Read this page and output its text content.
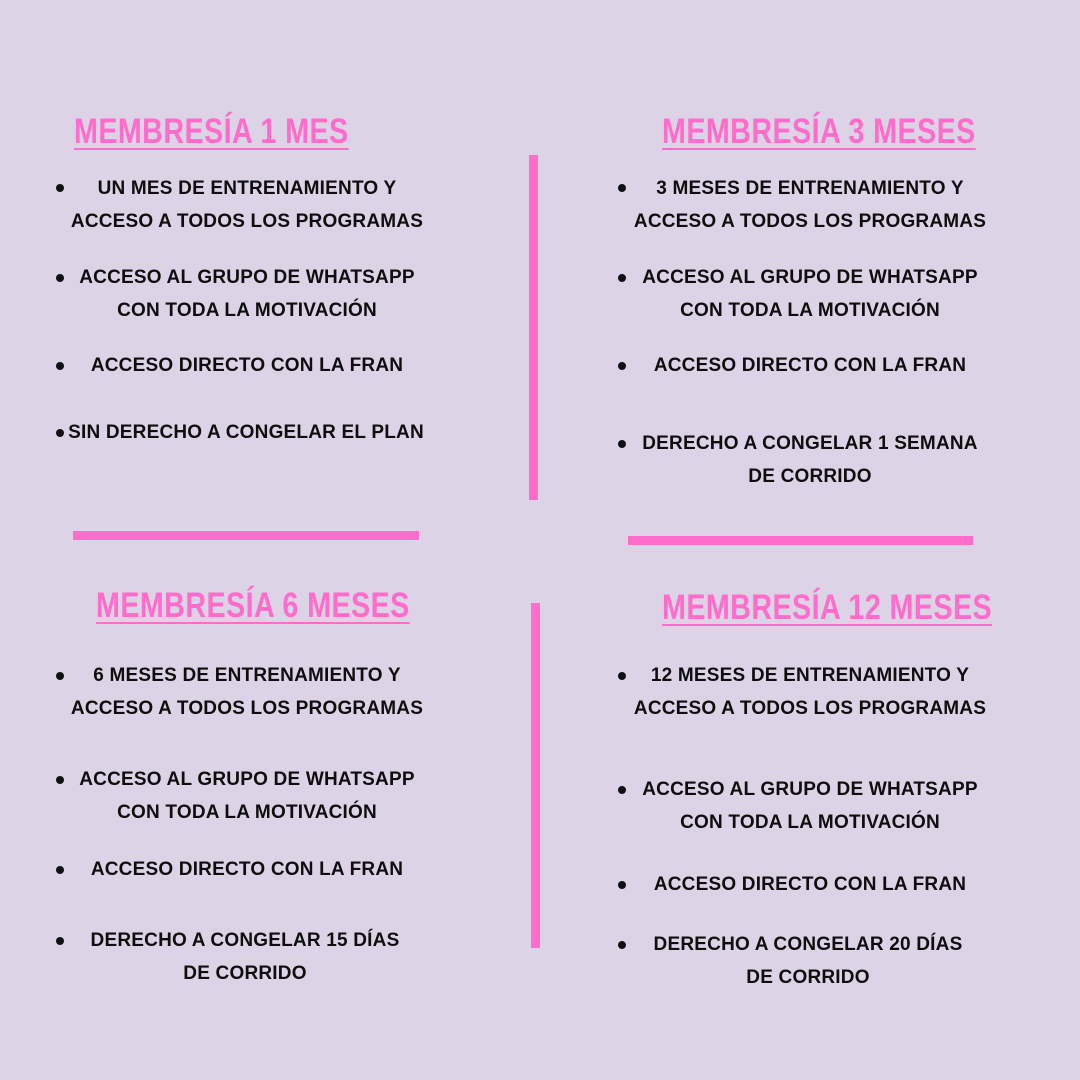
MEMBRESÍA 1 MES
UN MES DE ENTRENAMIENTO Y
ACCESO A TODOS LOS PROGRAMAS
ACCESO AL GRUPO DE WHATSAPP
CON TODA LA MOTIVACIÓN
ACCESO DIRECTO CON LA FRAN
SIN DERECHO A CONGELAR EL PLAN
MEMBRESÍA 3 MESES
3 MESES DE ENTRENAMIENTO Y
ACCESO A TODOS LOS PROGRAMAS
ACCESO AL GRUPO DE WHATSAPP
CON TODA LA MOTIVACIÓN
ACCESO DIRECTO CON LA FRAN
DERECHO A CONGELAR 1 SEMANA
DE CORRIDO
MEMBRESÍA 6 MESES
6 MESES DE ENTRENAMIENTO Y
ACCESO A TODOS LOS PROGRAMAS
ACCESO AL GRUPO DE WHATSAPP
CON TODA LA MOTIVACIÓN
ACCESO DIRECTO CON LA FRAN
DERECHO A CONGELAR 15 DÍAS
DE CORRIDO
MEMBRESÍA 12 MESES
12 MESES DE ENTRENAMIENTO Y
ACCESO A TODOS LOS PROGRAMAS
ACCESO AL GRUPO DE WHATSAPP
CON TODA LA MOTIVACIÓN
ACCESO DIRECTO CON LA FRAN
DERECHO A CONGELAR 20 DÍAS
DE CORRIDO
